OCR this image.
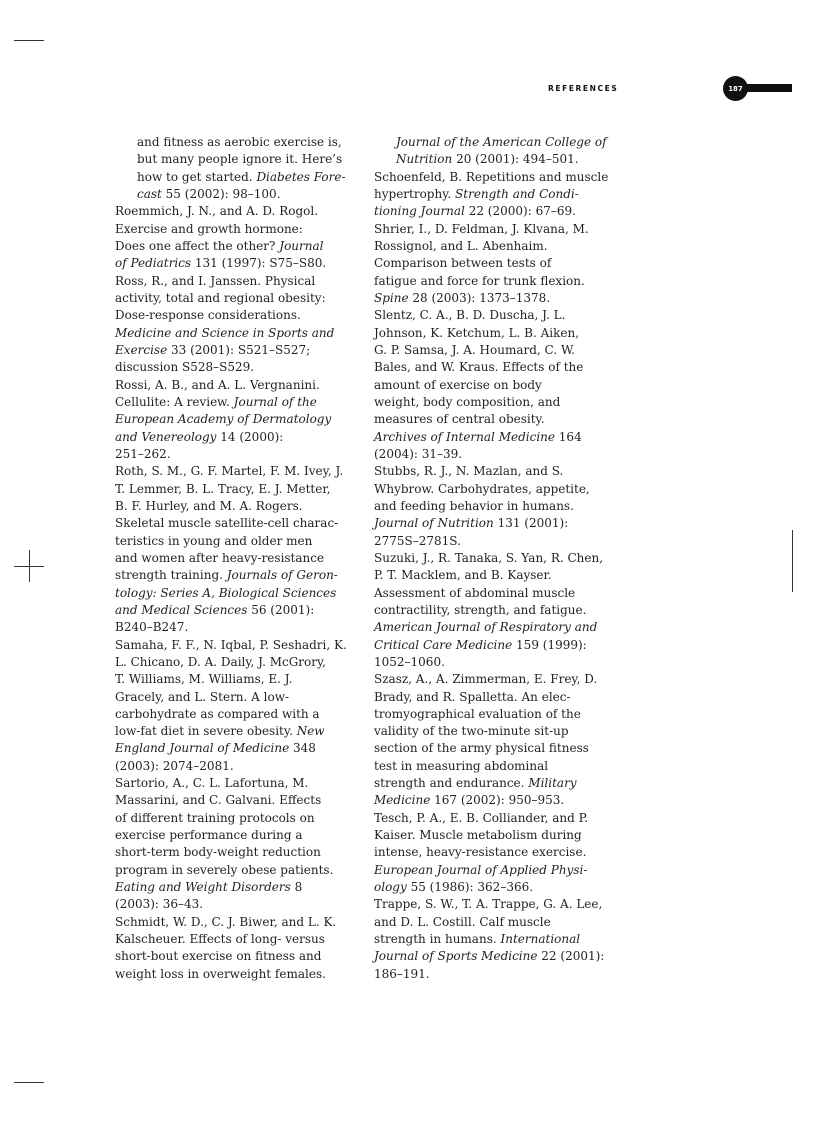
REFERENCES	187

and fitness as aerobic exercise is,
but many people ignore it. Here’s
how to get started. Diabetes Fore-
cast 55 (2002): 98–100.

Roemmich, J. N., and A. D. Rogol.
Exercise and growth hormone:
Does one affect the other? Journal
of Pediatrics 131 (1997): S75–S80.

Ross, R., and I. Janssen. Physical
activity, total and regional obesity:
Dose-response considerations.
Medicine and Science in Sports and
Exercise 33 (2001): S521–S527;
discussion S528–S529.

Rossi, A. B., and A. L. Vergnanini.
Cellulite: A review. Journal of the
European Academy of Dermatology
and Venereology 14 (2000):
251–262.

Roth, S. M., G. F. Martel, F. M. Ivey, J.
T. Lemmer, B. L. Tracy, E. J. Metter,
B. F. Hurley, and M. A. Rogers.
Skeletal muscle satellite-cell charac-
teristics in young and older men
and women after heavy-resistance
strength training. Journals of Geron-
tology: Series A, Biological Sciences
and Medical Sciences 56 (2001):
B240–B247.

Samaha, F. F., N. Iqbal, P. Seshadri, K.
L. Chicano, D. A. Daily, J. McGrory,
T. Williams, M. Williams, E. J.
Gracely, and L. Stern. A low-
carbohydrate as compared with a
low-fat diet in severe obesity. New
England Journal of Medicine 348
(2003): 2074–2081.

Sartorio, A., C. L. Lafortuna, M.
Massarini, and C. Galvani. Effects
of different training protocols on
exercise performance during a
short-term body-weight reduction
program in severely obese patients.
Eating and Weight Disorders 8
(2003): 36–43.

Schmidt, W. D., C. J. Biwer, and L. K.
Kalscheuer. Effects of long- versus
short-bout exercise on fitness and
weight loss in overweight females.

Journal of the American College of
Nutrition 20 (2001): 494–501.

Schoenfeld, B. Repetitions and muscle
hypertrophy. Strength and Condi-
tioning Journal 22 (2000): 67–69.

Shrier, I., D. Feldman, J. Klvana, M.
Rossignol, and L. Abenhaim.
Comparison between tests of
fatigue and force for trunk flexion.
Spine 28 (2003): 1373–1378.

Slentz, C. A., B. D. Duscha, J. L.
Johnson, K. Ketchum, L. B. Aiken,
G. P. Samsa, J. A. Houmard, C. W.
Bales, and W. Kraus. Effects of the
amount of exercise on body
weight, body composition, and
measures of central obesity.
Archives of Internal Medicine 164
(2004): 31–39.

Stubbs, R. J., N. Mazlan, and S.
Whybrow. Carbohydrates, appetite,
and feeding behavior in humans.
Journal of Nutrition 131 (2001):
2775S–2781S.

Suzuki, J., R. Tanaka, S. Yan, R. Chen,
P. T. Macklem, and B. Kayser.
Assessment of abdominal muscle
contractility, strength, and fatigue.
American Journal of Respiratory and
Critical Care Medicine 159 (1999):
1052–1060.

Szasz, A., A. Zimmerman, E. Frey, D.
Brady, and R. Spalletta. An elec-
tromyographical evaluation of the
validity of the two-minute sit-up
section of the army physical fitness
test in measuring abdominal
strength and endurance. Military
Medicine 167 (2002): 950–953.

Tesch, P. A., E. B. Colliander, and P.
Kaiser. Muscle metabolism during
intense, heavy-resistance exercise.
European Journal of Applied Physi-
ology 55 (1986): 362–366.

Trappe, S. W., T. A. Trappe, G. A. Lee,
and D. L. Costill. Calf muscle
strength in humans. International
Journal of Sports Medicine 22 (2001):
186–191.
